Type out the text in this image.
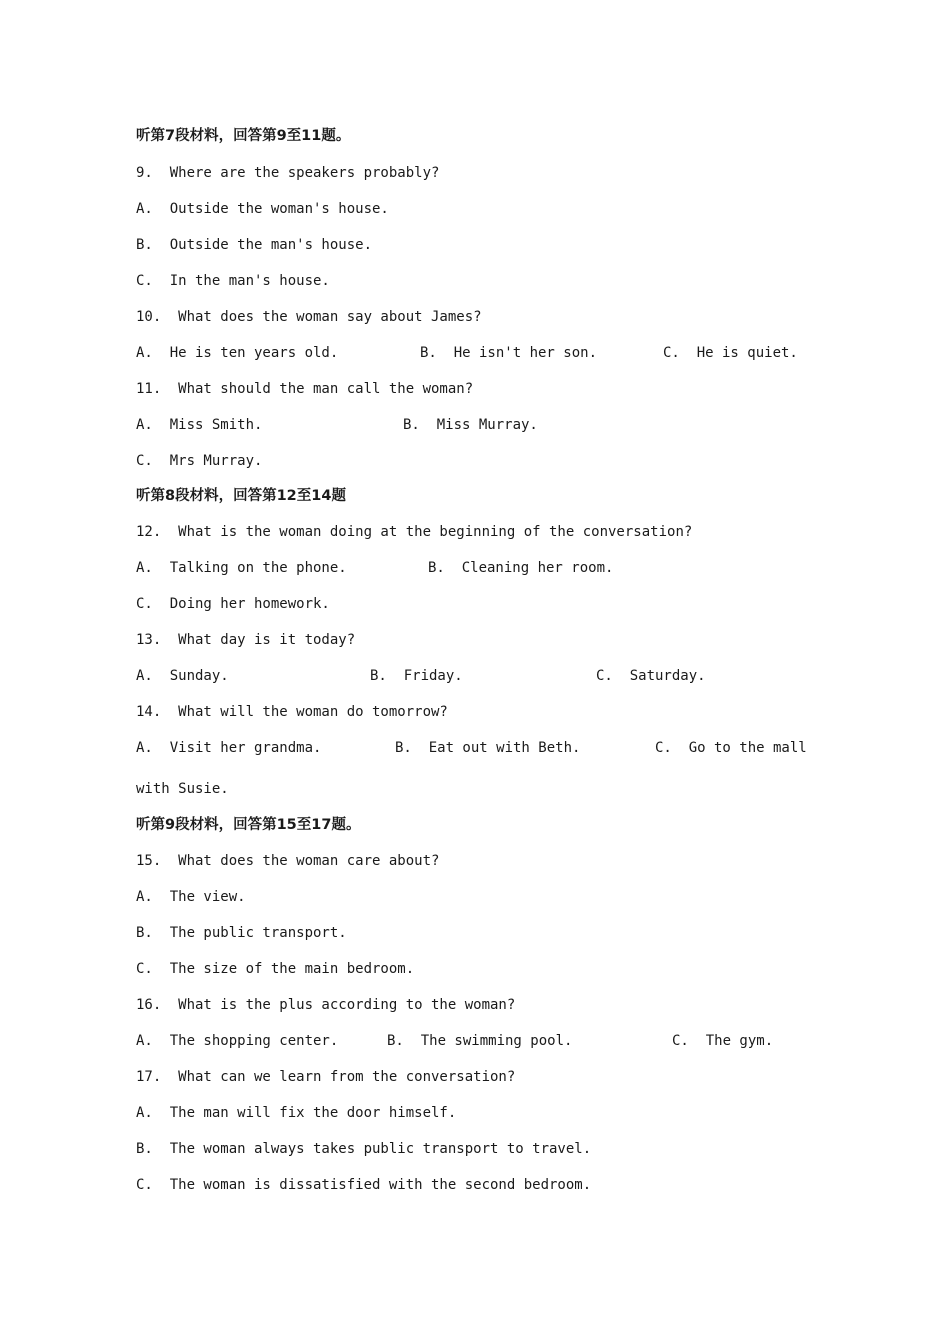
听第7段材料，回答第9至11题。
9.  Where are the speakers probably?
A.  Outside the woman's house.
B.  Outside the man's house.
C.  In the man's house.
10.  What does the woman say about James?
A.  He is ten years old.	B.  He isn't her son.	C.  He is quiet.
11.  What should the man call the woman?
A.  Miss Smith.	B.  Miss Murray.
C.  Mrs Murray.
听第8段材料，回答第12至14题
12.  What is the woman doing at the beginning of the conversation?
A.  Talking on the phone.	B.  Cleaning her room.
C.  Doing her homework.
13.  What day is it today?
A.  Sunday.	B.  Friday.	C.  Saturday.
14.  What will the woman do tomorrow?
A.  Visit her grandma.	B.  Eat out with Beth.	C.  Go to the mall
with Susie.
听第9段材料，回答第15至17题。
15.  What does the woman care about?
A.  The view.
B.  The public transport.
C.  The size of the main bedroom.
16.  What is the plus according to the woman?
A.  The shopping center.	B.  The swimming pool.	C.  The gym.
17.  What can we learn from the conversation?
A.  The man will fix the door himself.
B.  The woman always takes public transport to travel.
C.  The woman is dissatisfied with the second bedroom.
